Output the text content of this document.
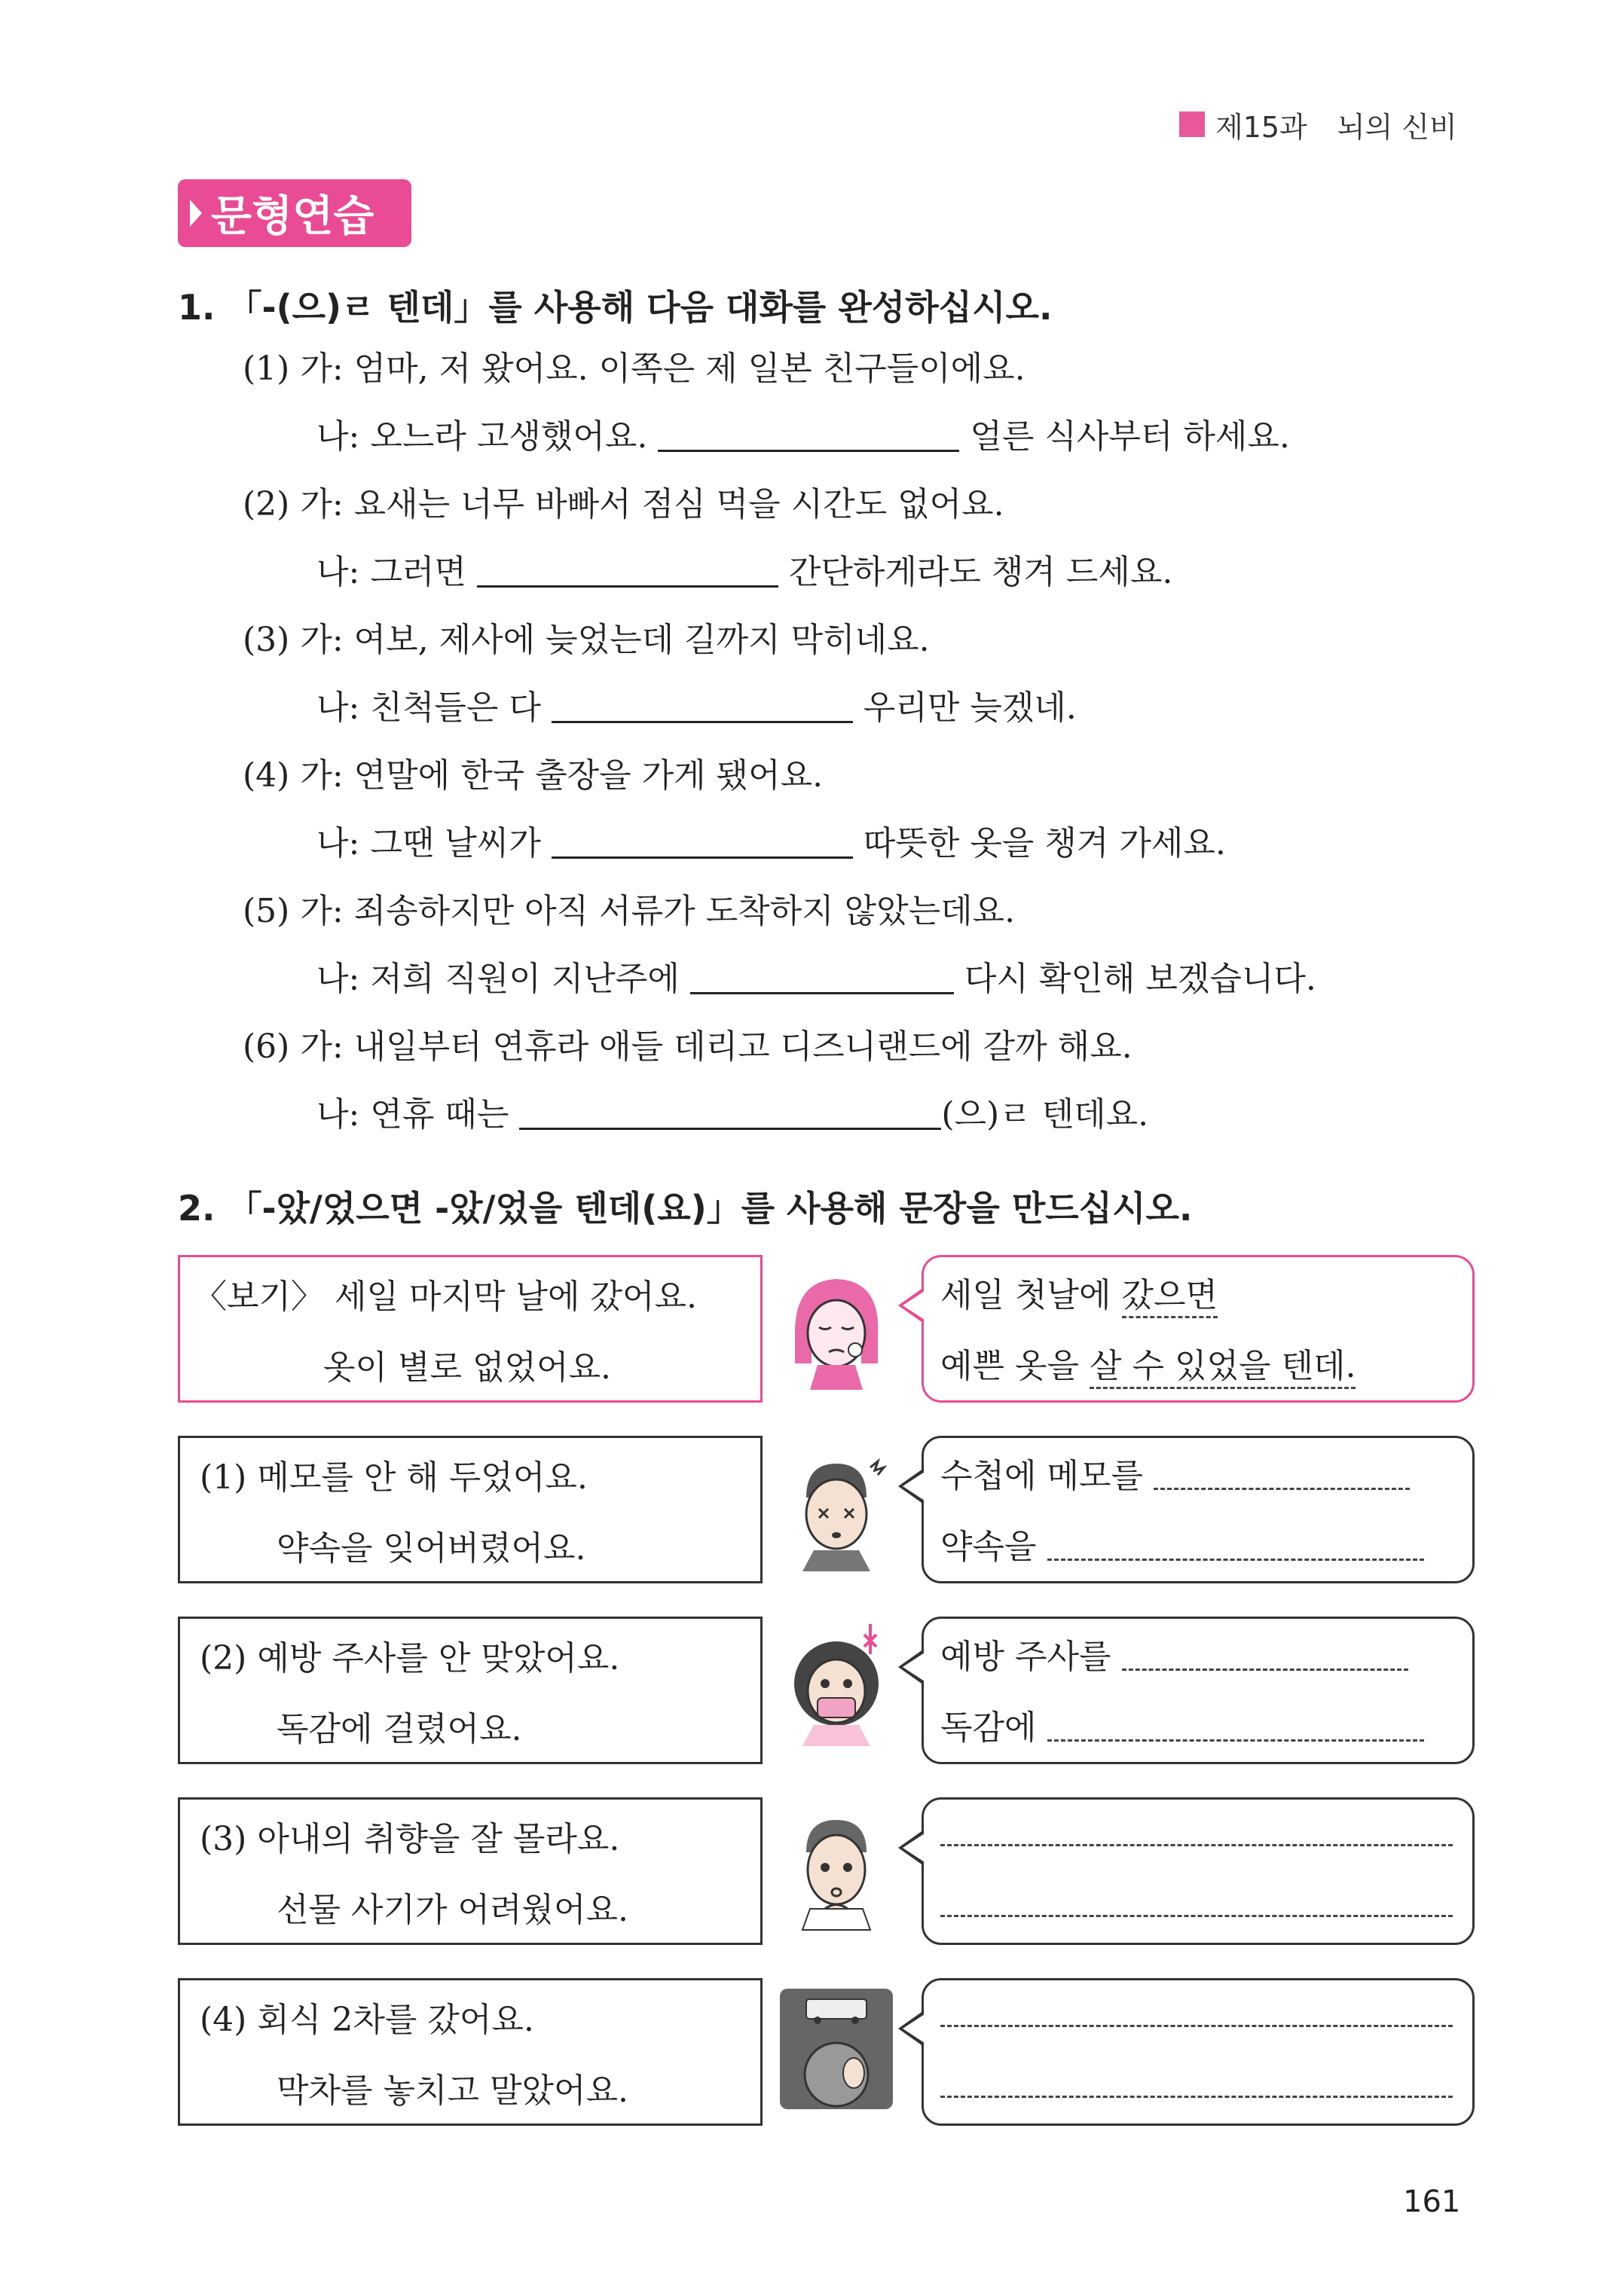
제15과 뇌의 신비
문형연습
1. 「-(으)ㄹ 텐데」를 사용해 다음 대화를 완성하십시오.
(1) 가: 엄마, 저 왔어요. 이쪽은 제 일본 친구들이에요.
나: 오느라 고생했어요.	얼른 식사부터 하세요.
(2) 가: 요새는 너무 바빠서 점심 먹을 시간도 없어요.
나: 그러면	간단하게라도 챙겨 드세요.
(3) 가: 여보, 제사에 늦었는데 길까지 막히네요.
나: 친척들은 다	우리만 늦겠네.
(4) 가: 연말에 한국 출장을 가게 됐어요.
나: 그땐 날씨가	따뜻한 옷을 챙겨 가세요.
(5) 가: 죄송하지만 아직 서류가 도착하지 않았는데요.
나: 저희 직원이 지난주에	다시 확인해 보겠습니다.
(6) 가: 내일부터 연휴라 애들 데리고 디즈니랜드에 갈까 해요.
나: 연휴 때는	(으)ㄹ 텐데요.
2. 「-았/었으면 -았/었을 텐데(요)」를 사용해 문장을 만드십시오.
〈보기〉 세일 마지막 날에 갔어요.
옷이 별로 없었어요.
세일 첫날에 갔으면
예쁜 옷을 살 수 있었을 텐데.
(1) 메모를 안 해 두었어요.
약속을 잊어버렸어요.
수첩에 메모를
약속을
(2) 예방 주사를 안 맞았어요.
독감에 걸렸어요.
예방 주사를
독감에
(3) 아내의 취향을 잘 몰라요.
선물 사기가 어려웠어요.
(4) 회식 2차를 갔어요.
막차를 놓치고 말았어요.
161
